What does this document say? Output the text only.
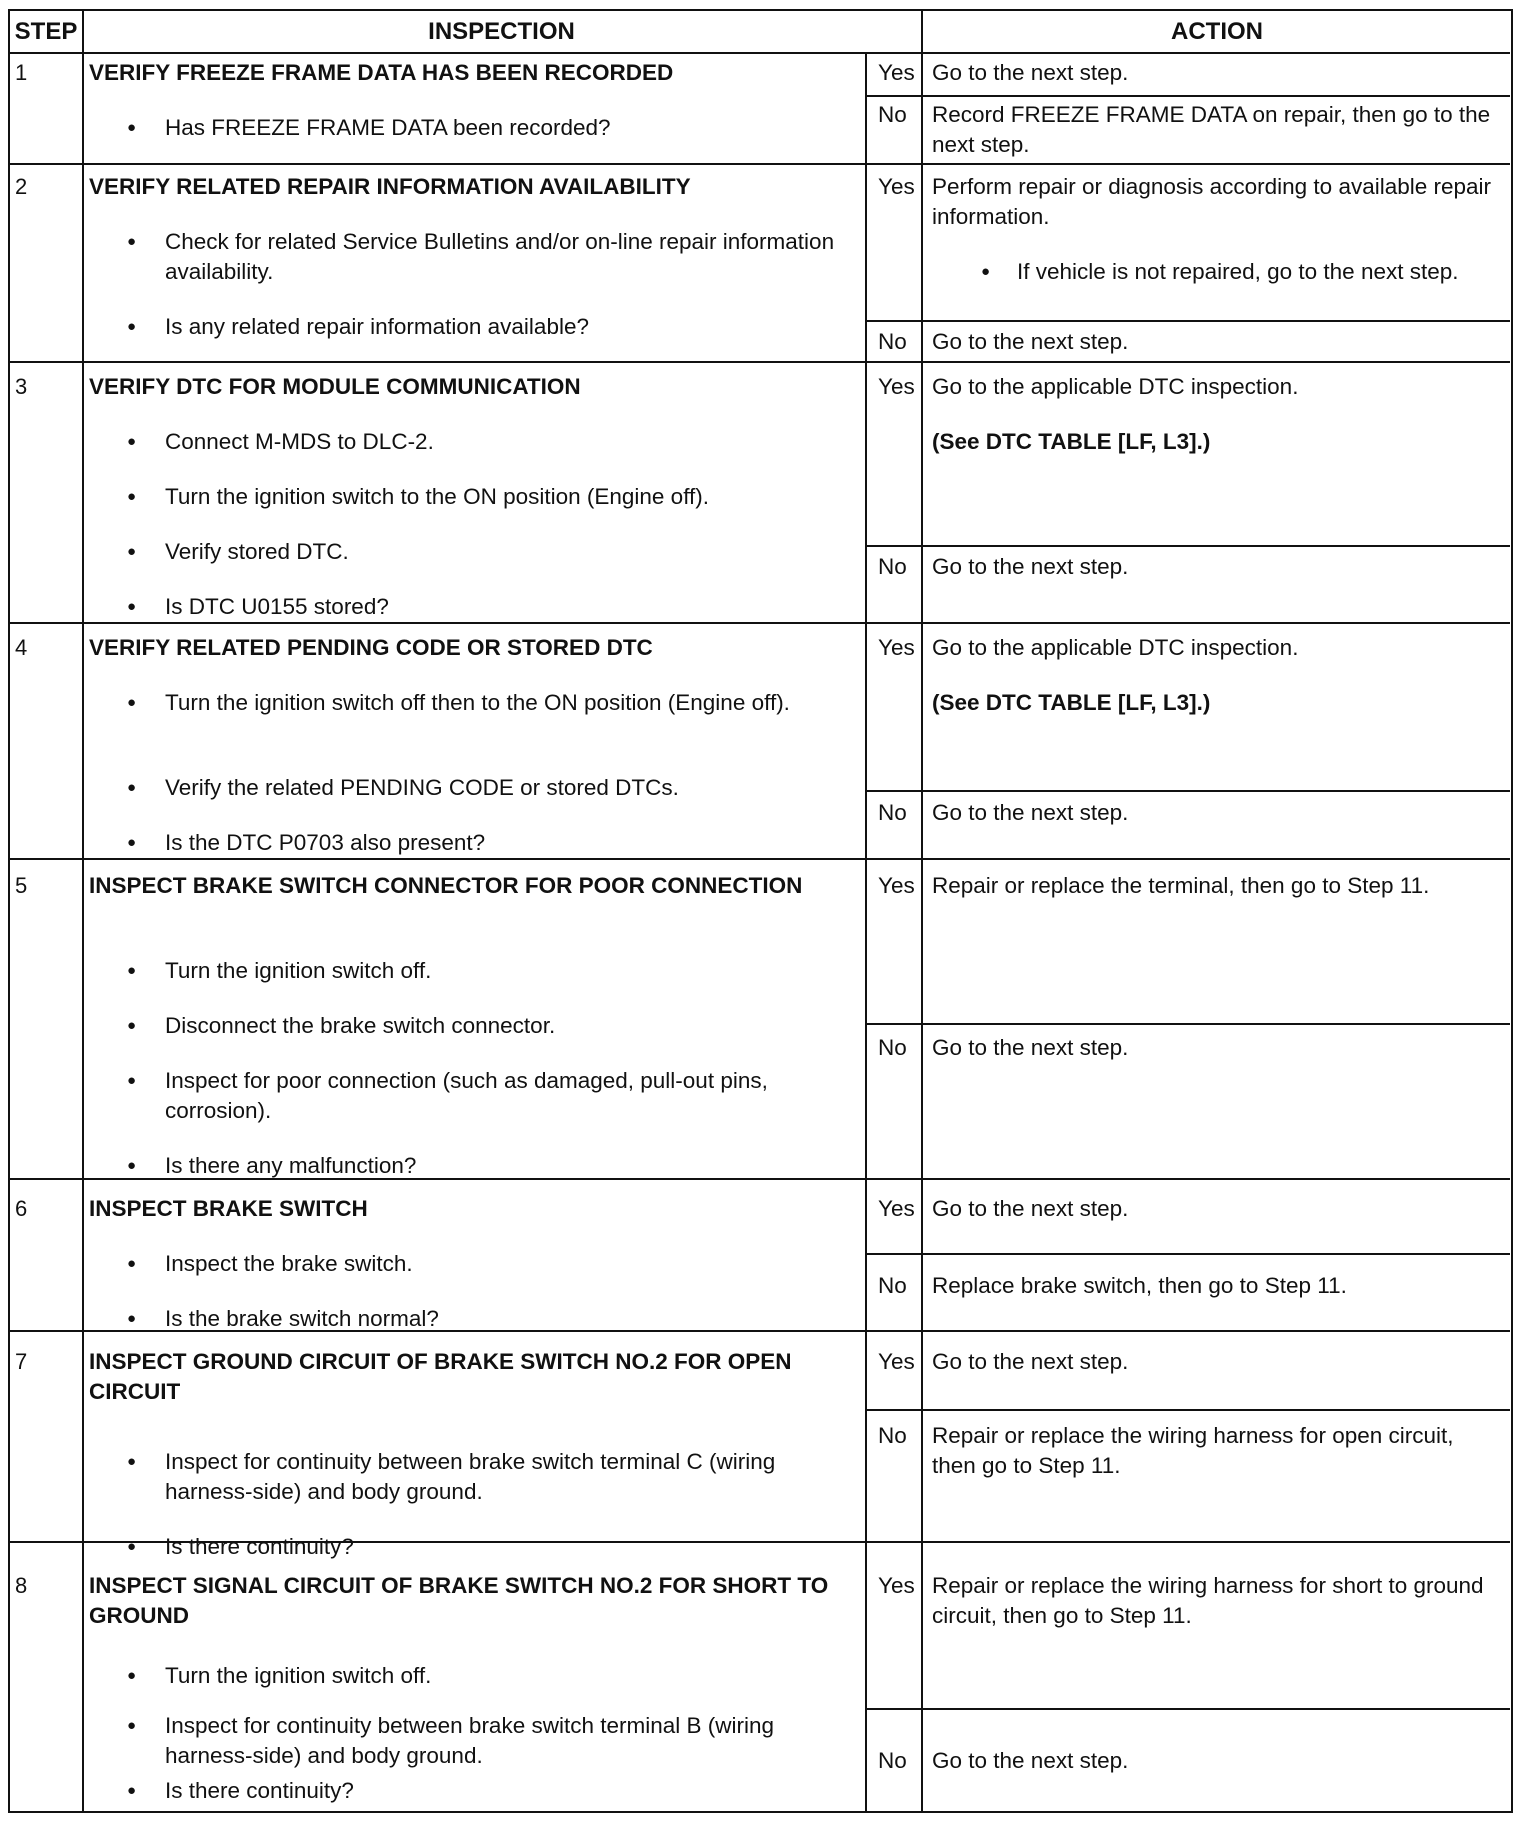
STEP	INSPECTION	ACTION
1	VERIFY FREEZE FRAME DATA HAS BEEN RECORDED
● Has FREEZE FRAME DATA been recorded?
Yes Go to the next step.
No Record FREEZE FRAME DATA on repair, then go to the next step.
2	VERIFY RELATED REPAIR INFORMATION AVAILABILITY
● Check for related Service Bulletins and/or on-line repair information availability.
● Is any related repair information available?
Yes Perform repair or diagnosis according to available repair information.
● If vehicle is not repaired, go to the next step.
No Go to the next step.
3	VERIFY DTC FOR MODULE COMMUNICATION
● Connect M-MDS to DLC-2.
● Turn the ignition switch to the ON position (Engine off).
● Verify stored DTC.
● Is DTC U0155 stored?
Yes Go to the applicable DTC inspection.
(See DTC TABLE [LF, L3].)
No Go to the next step.
4	VERIFY RELATED PENDING CODE OR STORED DTC
● Turn the ignition switch off then to the ON position (Engine off).
● Verify the related PENDING CODE or stored DTCs.
● Is the DTC P0703 also present?
Yes Go to the applicable DTC inspection.
(See DTC TABLE [LF, L3].)
No Go to the next step.
5	INSPECT BRAKE SWITCH CONNECTOR FOR POOR CONNECTION
● Turn the ignition switch off.
● Disconnect the brake switch connector.
● Inspect for poor connection (such as damaged, pull-out pins, corrosion).
● Is there any malfunction?
Yes Repair or replace the terminal, then go to Step 11.
No Go to the next step.
6	INSPECT BRAKE SWITCH
● Inspect the brake switch.
● Is the brake switch normal?
Yes Go to the next step.
No Replace brake switch, then go to Step 11.
7	INSPECT GROUND CIRCUIT OF BRAKE SWITCH NO.2 FOR OPEN CIRCUIT
● Inspect for continuity between brake switch terminal C (wiring harness-side) and body ground.
● Is there continuity?
Yes Go to the next step.
No Repair or replace the wiring harness for open circuit, then go to Step 11.
8	INSPECT SIGNAL CIRCUIT OF BRAKE SWITCH NO.2 FOR SHORT TO GROUND
● Turn the ignition switch off.
● Inspect for continuity between brake switch terminal B (wiring harness-side) and body ground.
● Is there continuity?
Yes Repair or replace the wiring harness for short to ground circuit, then go to Step 11.
No Go to the next step.
